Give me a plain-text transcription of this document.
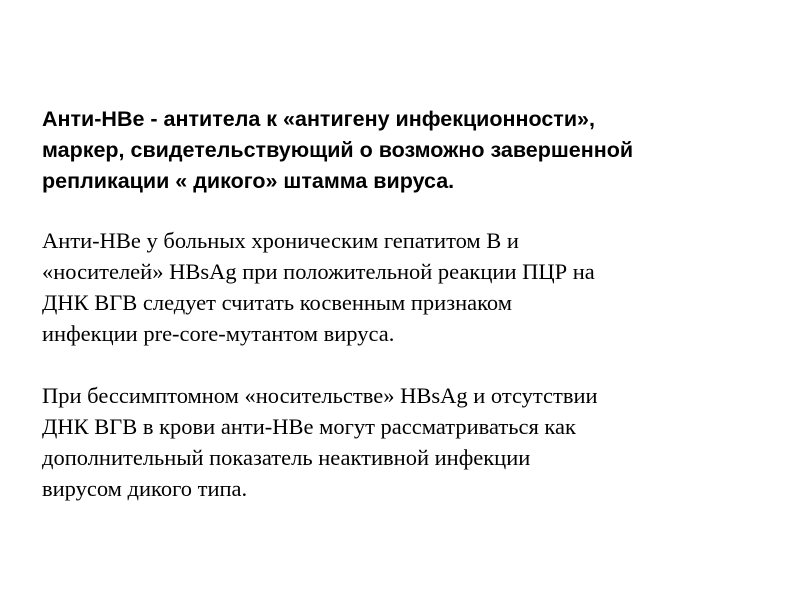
Анти-НВе - антитела к «антигену инфекционности»,
маркер, свидетельствующий о возможно завершенной
репликации « дикого» штамма вируса.
Анти-НВе у больных хроническим гепатитом В и
«носителей» HBsAg при положительной реакции ПЦР на
ДНК ВГВ следует считать косвенным признаком
инфекции pre-core-мутантом вируса.
При бессимптомном «носительстве» HBsAg и отсутствии
ДНК ВГВ в крови анти-НВе могут рассматриваться как
дополнительный показатель неактивной инфекции
вирусом дикого типа.
